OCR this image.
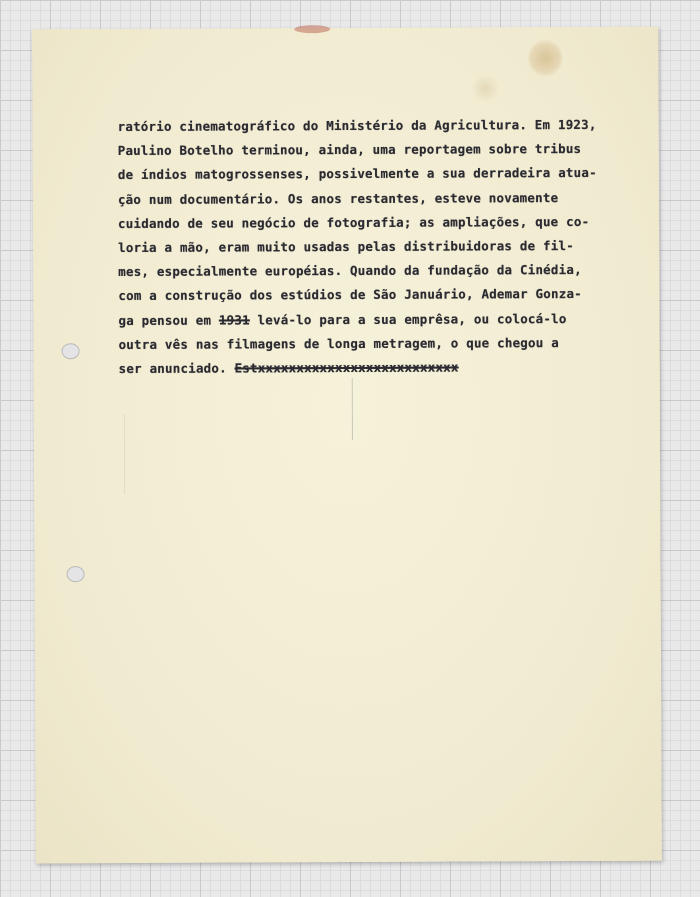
ratório cinematográfico do Ministério da Agricultura. Em 1923,
Paulino Botelho terminou, ainda, uma reportagem sobre tribus
de índios matogrossenses, possivelmente a sua derradeira atua-
ção num documentário. Os anos restantes, esteve novamente
cuidando de seu negócio de fotografia; as ampliações, que co-
loria a mão, eram muito usadas pelas distribuidoras de fil-
mes, especialmente européias. Quando da fundação da Cinédia,
com a construção dos estúdios de São Januário, Ademar Gonza-
ga pensou em 1931 levá-lo para a sua emprêsa, ou colocá-lo
outra vês nas filmagens de longa metragem, o que chegou a
ser anunciado. Estxxxxxxxxxxxxxxxxxxxxxxxxxx
